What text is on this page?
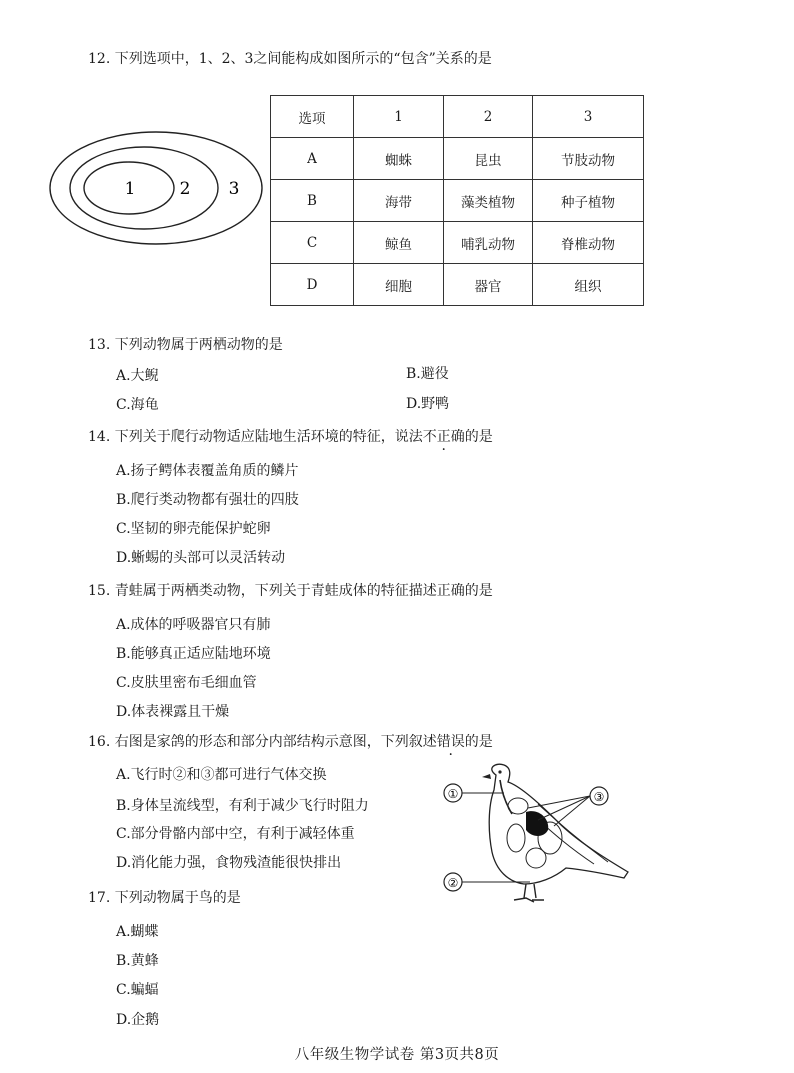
12. 下列选项中，1、2、3之间能构成如图所示的“包含”关系的是
1	2 3
选项	1	2	3
A	蜘蛛	昆虫	节肢动物
B	海带	藻类植物	种子植物
C	鲸鱼	哺乳动物	脊椎动物
D	细胞	器官	组织
13. 下列动物属于两栖动物的是
A.大鲵	B.避役
C.海龟	D.野鸭
14. 下列关于爬行动物适应陆地生活环境的特征，说法不正确的是
A.扬子鳄体表覆盖角质的鳞片
B.爬行类动物都有强壮的四肢
C.坚韧的卵壳能保护蛇卵
D.蜥蜴的头部可以灵活转动
15. 青蛙属于两栖类动物，下列关于青蛙成体的特征描述正确的是
A.成体的呼吸器官只有肺
B.能够真正适应陆地环境
C.皮肤里密布毛细血管
D.体表裸露且干燥
16. 右图是家鸽的形态和部分内部结构示意图，下列叙述错误的是
A.飞行时②和③都可进行气体交换
B.身体呈流线型，有利于减少飞行时阻力
C.部分骨骼内部中空，有利于减轻体重
D.消化能力强，食物残渣能很快排出
①
②
③
17. 下列动物属于鸟的是
A.蝴蝶
B.黄蜂
C.蝙蝠
D.企鹅
八年级生物学试卷 第3页共8页
